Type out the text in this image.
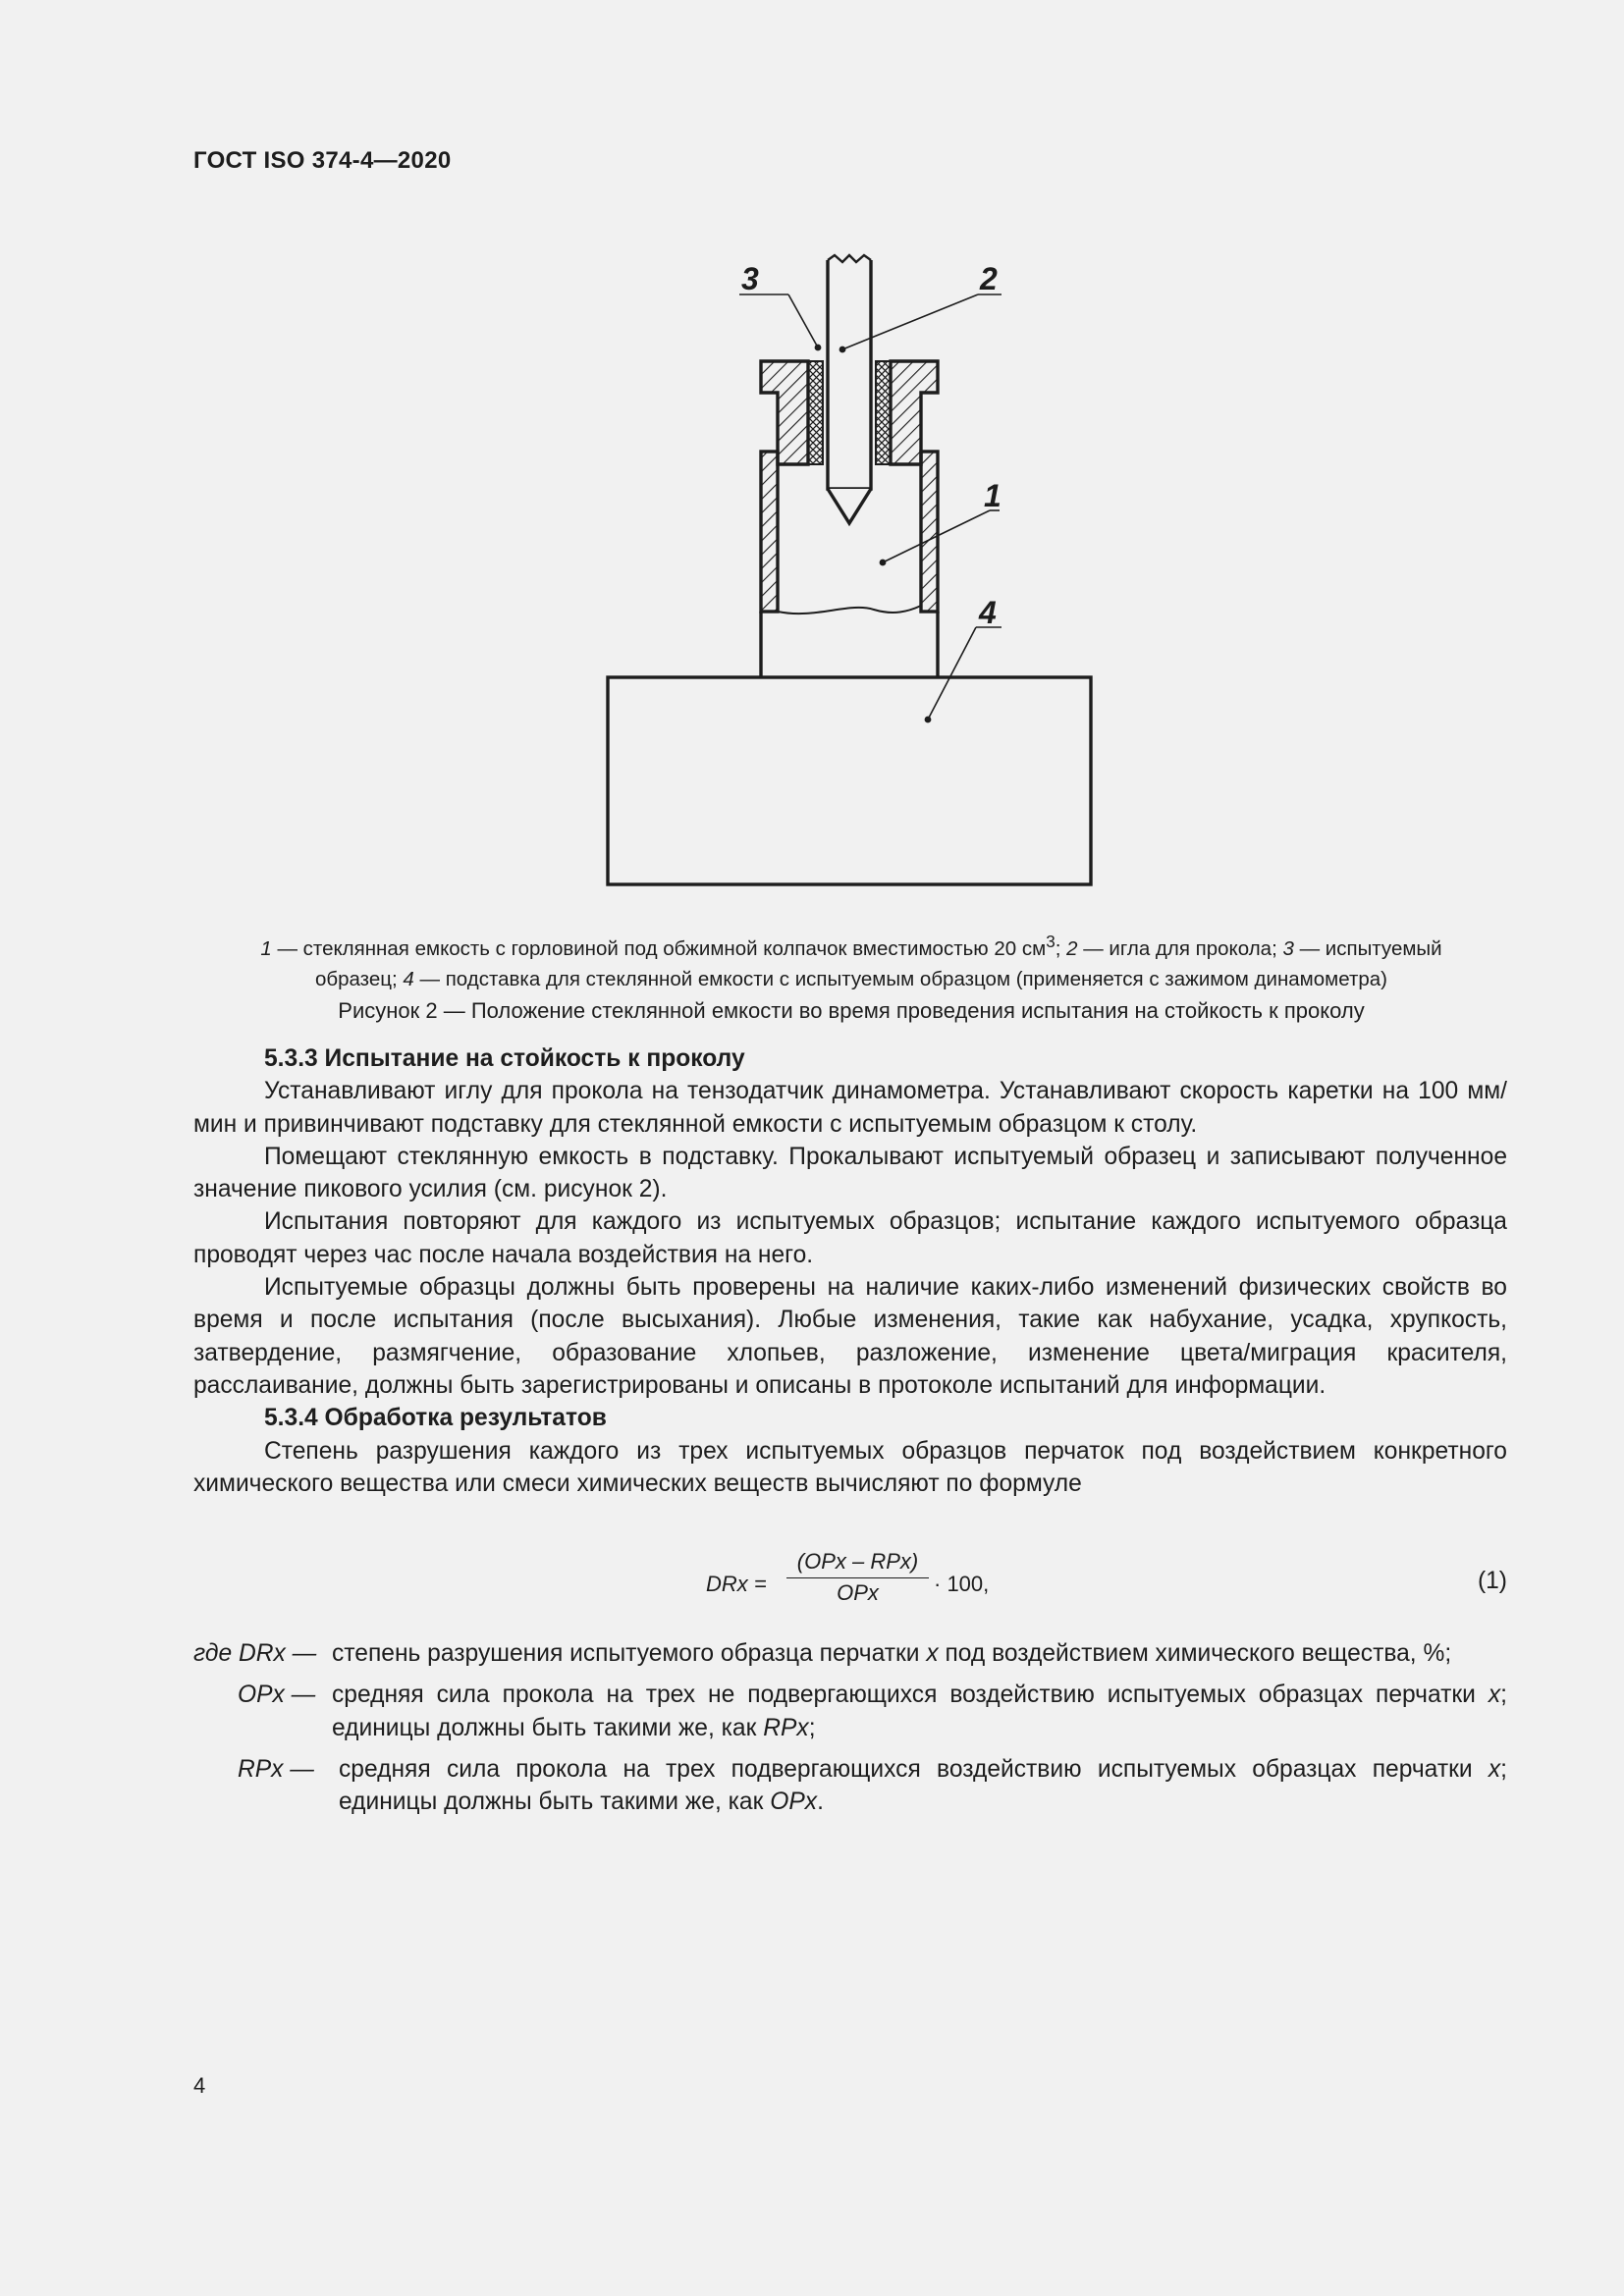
ГОСТ ISO 374-4—2020
3	2
1
4
1 — стеклянная емкость с горловиной под обжимной колпачок вместимостью 20 $см^3$; 2 — игла для прокола; 3 — испытуемый
образец; 4 — подставка для стеклянной емкости с испытуемым образцом (применяется с зажимом динамометра)
Рисунок 2 — Положение стеклянной емкости во время проведения испытания на стойкость к проколу
5.3.3 Испытание на стойкость к проколу

Устанавливают иглу для прокола на тензодатчик динамометра. Устанавливают скорость каретки на 100 мм/мин и привинчивают подставку для стеклянной емкости с испытуемым образцом к столу.

Помещают стеклянную емкость в подставку. Прокалывают испытуемый образец и записывают полученное значение пикового усилия (см. рисунок 2).

Испытания повторяют для каждого из испытуемых образцов; испытание каждого испытуемого образца проводят через час после начала воздействия на него.

Испытуемые образцы должны быть проверены на наличие каких-либо изменений физических свойств во время и после испытания (после высыхания). Любые изменения, такие как набухание, усадка, хрупкость, затвердение, размягчение, образование хлопьев, разложение, изменение цвета/миграция красителя, расслаивание, должны быть зарегистрированы и описаны в протоколе испытаний для информации.

5.3.4 Обработка результатов

Степень разрушения каждого из трех испытуемых образцов перчаток под воздействием конкретного химического вещества или смеси химических веществ вычисляют по формуле

DRx =
(OPx – RPx)
OPx	· 100,	(1)
где DRx — степень разрушения испытуемого образца перчатки x под воздействием химического вещества, %;
OPx — средняя сила прокола на трех не подвергающихся воздействию испытуемых образцах перчатки x; единицы должны быть такими же, как RPx;
RPx —	средняя сила прокола на трех подвергающихся воздействию испытуемых образцах перчатки x; единицы должны быть такими же, как OPx.
4
